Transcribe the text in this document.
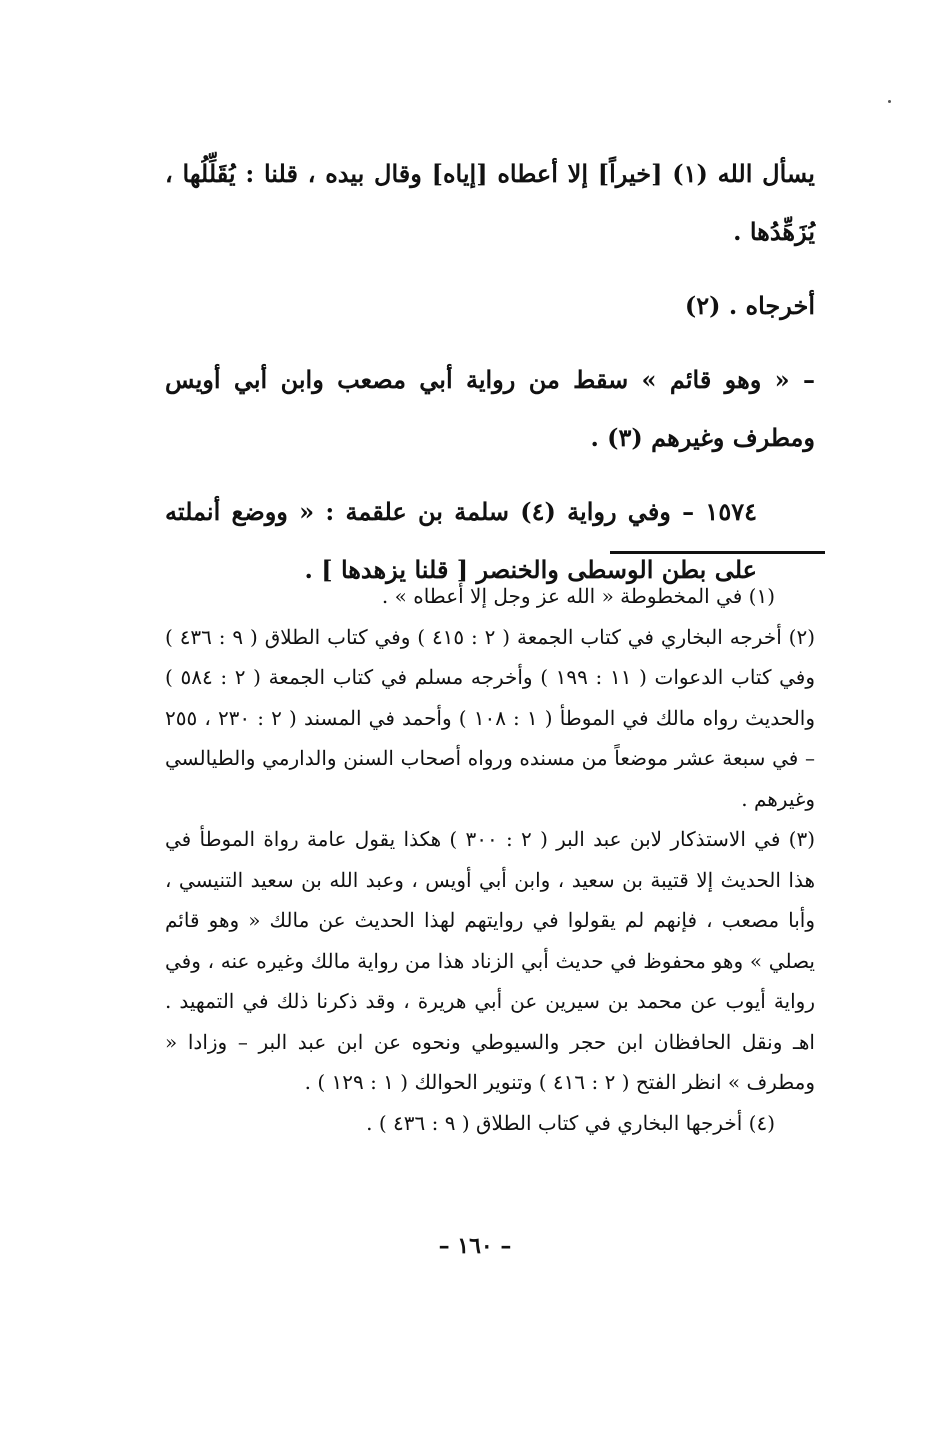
يسأل الله (١) [خيراً] إلا أعطاه [إياه] وقال بيده ، قلنا : يُقَلِّلُها ، يُزَهِّدُها .

أخرجاه . (٢)

– « وهو قائم » سقط من رواية أبي مصعب وابن أبي أويس ومطرف وغيرهم (٣) .

١٥٧٤ – وفي رواية (٤) سلمة بن علقمة : « ووضع أنملته على بطن الوسطى والخنصر [ قلنا يزهدها ] .

(١) في المخطوطة « الله عز وجل إلا أعطاه » .

(٢) أخرجه البخاري في كتاب الجمعة ( ٢ : ٤١٥ ) وفي كتاب الطلاق ( ٩ : ٤٣٦ ) وفي كتاب الدعوات ( ١١ : ١٩٩ ) وأخرجه مسلم في كتاب الجمعة ( ٢ : ٥٨٤ ) والحديث رواه مالك في الموطأ ( ١ : ١٠٨ ) وأحمد في المسند ( ٢ : ٢٣٠ ، ٢٥٥ – في سبعة عشر موضعاً من مسنده ورواه أصحاب السنن والدارمي والطيالسي وغيرهم .

(٣) في الاستذكار لابن عبد البر ( ٢ : ٣٠٠ ) هكذا يقول عامة رواة الموطأ في هذا الحديث إلا قتيبة بن سعيد ، وابن أبي أويس ، وعبد الله بن سعيد التنيسي ، وأبا مصعب ، فإنهم لم يقولوا في روايتهم لهذا الحديث عن مالك « وهو قائم يصلي » وهو محفوظ في حديث أبي الزناد هذا من رواية مالك وغيره عنه ، وفي رواية أيوب عن محمد بن سيرين عن أبي هريرة ، وقد ذكرنا ذلك في التمهيد . اهـ ونقل الحافظان ابن حجر والسيوطي ونحوه عن ابن عبد البر – وزادا « ومطرف » انظر الفتح ( ٢ : ٤١٦ ) وتنوير الحوالك ( ١ : ١٢٩ ) .

(٤) أخرجها البخاري في كتاب الطلاق ( ٩ : ٤٣٦ ) .

– ١٦٠ –
